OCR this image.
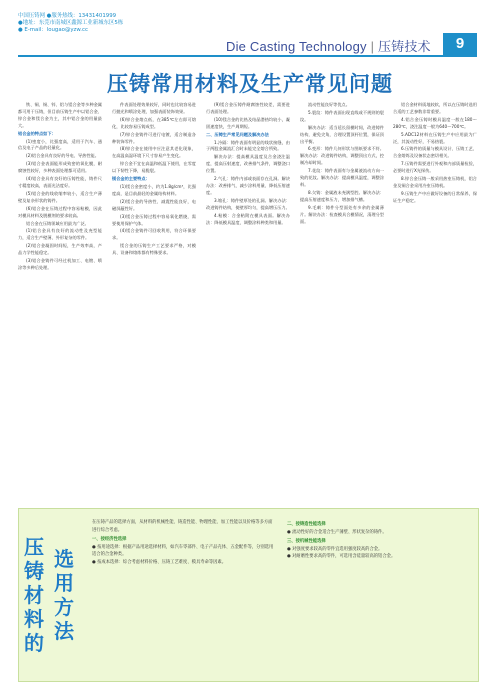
中国压铸网 ●服务热线：13431401999
●地址：东莞市南城区鑫源工业新城东区5栋
● E-mail：lougao@yzw.cc
Die Casting Technology | 压铸技术	9
压铸常用材料及生产常见问题

铁、铜、锡、锌、铝与镁合金等多种金属都可用于压铸，但目前压铸生产中以铝合金、锌合金和镁合金为主，其中铝合金的用量最大。

铝合金的特点如下：

(1)密度小，比强度高，适用于汽车、通信及电子产品的轻量化。

(2)铝合金具有良好的导电、导热性能。

(3)铝合金表面能形成致密的氧化膜，耐腐蚀性较好，多种表面处理都可适用。

(4)铝合金具有良好的压铸性能，铸件尺寸精度较高，表面光洁度好。

(5)铝合金的线收缩率较小，适合生产薄壁及复杂形状的铸件。

(6)铝合金在压铸过程中容易粘模，因此对模具材料及脱模剂的要求较高。

铝合金在压铸领域应用最为广泛。

(1)铝合金具有良好的流动性及充型能力，适合生产壁薄、外形复杂的零件。

(2)铝合金凝固时间短，生产效率高，产品力学性能稳定。

(3)铝合金铸件可经过机加工、电镀、喷涂等多种后处理。

件表面处理效果较好，同时也比较容易进行抛光和喷涂处理，加强表面装饰效果。

(6)锌合金熔点低，在385℃左右即可熔化，比较容易压铸成型。

(7)锌合金铸件可进行电镀，适合制造各种装饰零件。

(8)锌合金在使用中应注意其老化现象，在高温高湿环境下尺寸容易产生变化。

锌合金不宜在高温和低温下使用，在零度以下韧性下降，易脆裂。

镁合金的主要特点：

(1)镁合金密度小，约为1.8g/cm³，比强度高，是目前最轻的金属结构材料。

(2)镁合金的导热性、减震性能良好，电磁屏蔽性好。

(3)镁合金压铸过程中容易氧化燃烧，需要使用保护气体。

(4)镁合金铸件可回收利用，符合环保要求。

镁合金的压铸生产工艺要求严格，对模具、设备和熔炼都有特殊要求。

(9)镁合金压铸件耐腐蚀性较差，需要进行表面处理。

(10)镁合金的比热及结晶潜热均较小，凝固速度快，生产周期短。

二、压铸生产常见问题及解决办法

1.冷隔：铸件表面有明显的线状接缝，由于两股金属流汇合时未能完全熔合所致。

解决办法：提高模具温度及合金浇注温度，提高压射速度，改善排气条件，调整浇口位置。

2.气孔：铸件内部或表面存在孔洞。解决办法：改善排气、减少涂料用量、降低压射速度。

3.缩孔：铸件壁厚处的孔洞。解决办法：改进铸件结构，使壁厚均匀，提高增压压力。

4.粘模：合金粘附在模具表面。解决办法：降低模具温度，调整涂料种类和用量。

流动性能良好等优点。

5.裂纹：铸件表面出现直线或不规则的裂纹。

解决办法：适当延长留模时间，改进铸件结构，避免尖角，合理设置顶杆位置，保证顶出平衡。

6.变形：铸件几何形状与图纸要求不符。解决办法：改进铸件结构，调整顶出方式，控制冷却时间。

7.花纹：铸件表面有与金属液流动方向一致的花纹。解决办法：提高模具温度，调整涂料。

8.欠铸：金属液未充满型腔。解决办法：提高压射速度和压力，增加排气槽。

9.毛刺：铸件分型面处有多余的金属薄片。解决办法：检查模具合模情况，清理分型面。

铝合金材料质地较软，所以在压铸时选用合适的工艺参数非常重要。

4.铝合金压铸时模具温度一般在180～280℃，浇注温度一般为640～700℃。

5.ADC12材料在压铸生产中应用最为广泛，其流动性好，不易热裂。

6.压铸件的质量与模具设计、压铸工艺、合金熔炼及设备状态密切相关。

7.压铸件需要进行外观和内部质量检验，必要时进行X光探伤。

8.锌合金压铸一般采用热室压铸机，铝合金及铜合金采用冷室压铸机。

9.压铸生产中应做好设备的日常保养，保证生产稳定。

压
铸
材
料
的
选
用
方
法

在压铸产品的选择方面，从材料的机械性能、铸造性能、物理性能、加工性能以及价格等多方面进行综合考虑。

一、按经济性选择

● 按用途选择：根据产品用途选择材料，如汽车零部件、电子产品壳体、五金配件等，分别选用适合的合金种类。

● 按成本选择：综合考虑材料价格、压铸工艺难度、模具寿命等因素。

二、按铸造性能选择

● 流动性好的合金适合生产薄壁、形状复杂的铸件。

三、按机械性能选择

● 对强度要求较高的零件宜选用强度较高的合金。

● 对耐磨性要求高的零件，可选用含硅量较高的铝合金。
